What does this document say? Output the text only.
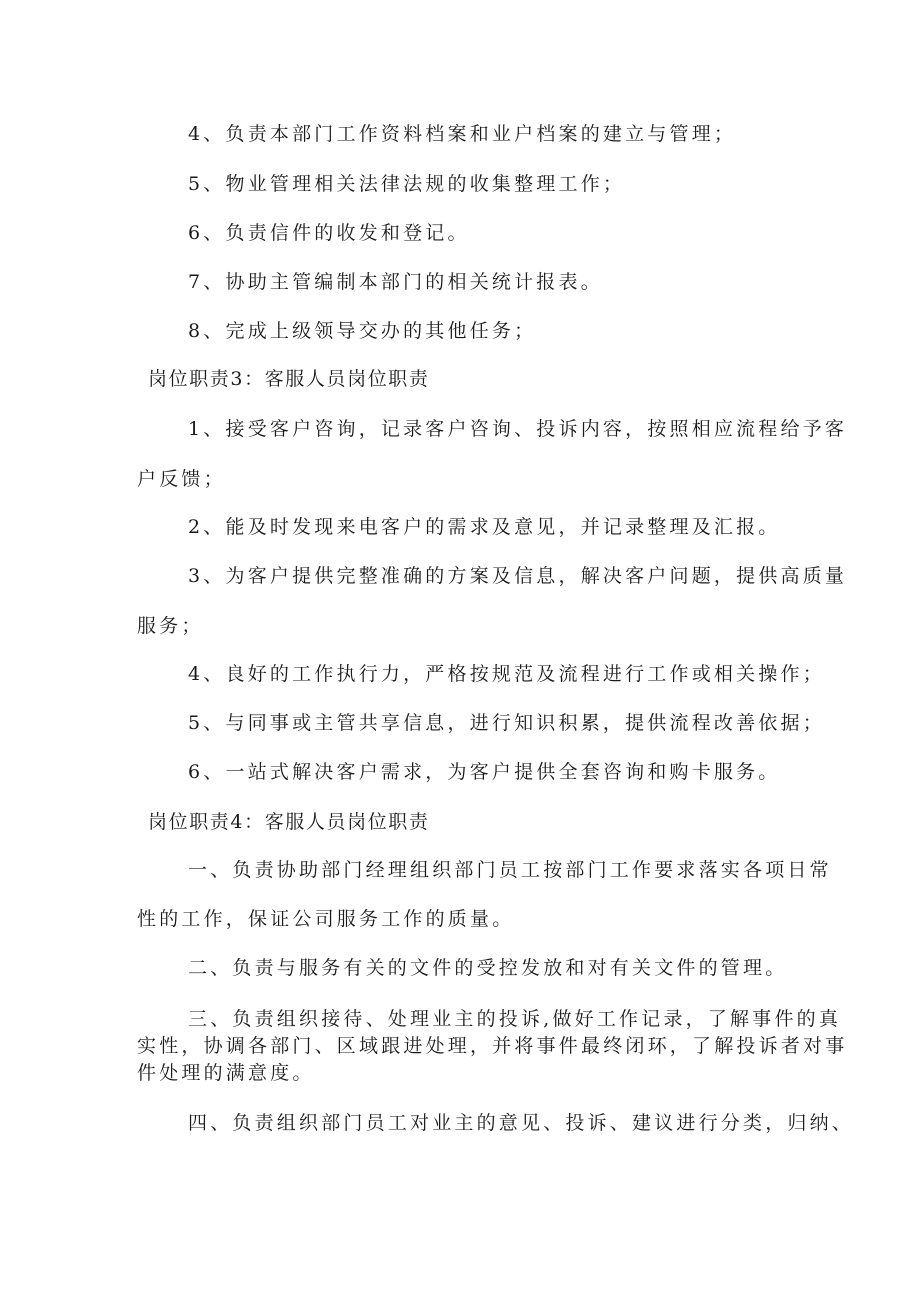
4、负责本部门工作资料档案和业户档案的建立与管理；
5、物业管理相关法律法规的收集整理工作；
6、负责信件的收发和登记。
7、协助主管编制本部门的相关统计报表。
8、完成上级领导交办的其他任务；
岗位职责3：客服人员岗位职责
1、接受客户咨询，记录客户咨询、投诉内容，按照相应流程给予客
户反馈；
2、能及时发现来电客户的需求及意见，并记录整理及汇报。
3、为客户提供完整准确的方案及信息，解决客户问题，提供高质量
服务；
4、良好的工作执行力，严格按规范及流程进行工作或相关操作；
5、与同事或主管共享信息，进行知识积累，提供流程改善依据；
6、一站式解决客户需求，为客户提供全套咨询和购卡服务。
岗位职责4：客服人员岗位职责
一、负责协助部门经理组织部门员工按部门工作要求落实各项日常
性的工作，保证公司服务工作的质量。
二、负责与服务有关的文件的受控发放和对有关文件的管理。
三、负责组织接待、处理业主的投诉,做好工作记录，了解事件的真
实性，协调各部门、区域跟进处理，并将事件最终闭环，了解投诉者对事
件处理的满意度。
四、负责组织部门员工对业主的意见、投诉、建议进行分类，归纳、
